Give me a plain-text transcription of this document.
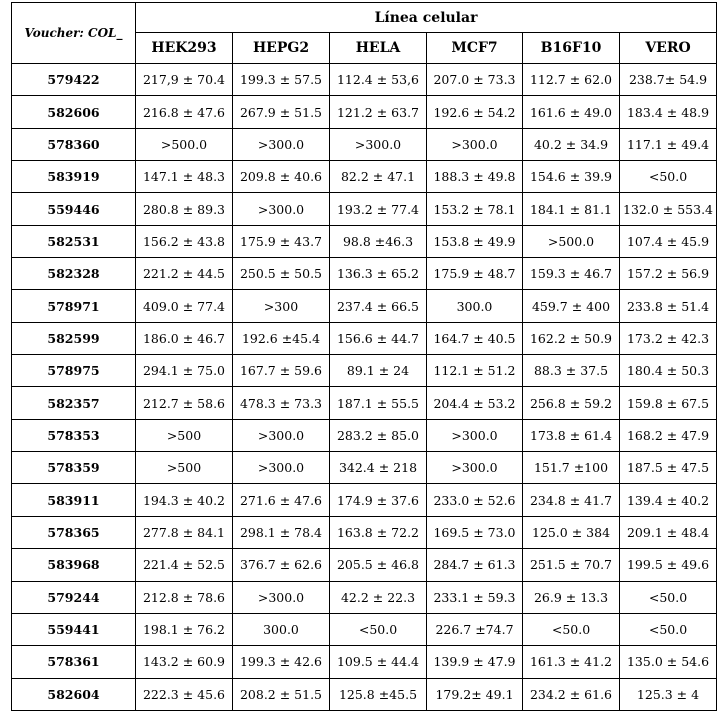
Voucher: COL_	Línea celular					
	HEK293	HEPG2	HELA	MCF7	B16F10	VERO
579422	217,9 ± 70.4	199.3 ± 57.5	112.4 ± 53,6	207.0 ± 73.3	112.7 ± 62.0	238.7± 54.9
582606	216.8 ± 47.6	267.9 ± 51.5	121.2 ± 63.7	192.6 ± 54.2	161.6 ± 49.0	183.4 ± 48.9
578360	>500.0	>300.0	>300.0	>300.0	40.2 ± 34.9	117.1 ± 49.4
583919	147.1 ± 48.3	209.8 ± 40.6	82.2 ± 47.1	188.3 ± 49.8	154.6 ± 39.9	<50.0
559446	280.8 ± 89.3	>300.0	193.2 ± 77.4	153.2 ± 78.1	184.1 ± 81.1	132.0 ± 553.4
582531	156.2 ± 43.8	175.9 ± 43.7	98.8 ±46.3	153.8 ± 49.9	>500.0	107.4 ± 45.9
582328	221.2 ± 44.5	250.5 ± 50.5	136.3 ± 65.2	175.9 ± 48.7	159.3 ± 46.7	157.2 ± 56.9
578971	409.0 ± 77.4	>300	237.4 ± 66.5	300.0	459.7 ± 400	233.8 ± 51.4
582599	186.0 ± 46.7	192.6 ±45.4	156.6 ± 44.7	164.7 ± 40.5	162.2 ± 50.9	173.2 ± 42.3
578975	294.1 ± 75.0	167.7 ± 59.6	89.1 ± 24	112.1 ± 51.2	88.3 ± 37.5	180.4 ± 50.3
582357	212.7 ± 58.6	478.3 ± 73.3	187.1 ± 55.5	204.4 ± 53.2	256.8 ± 59.2	159.8 ± 67.5
578353	>500	>300.0	283.2 ± 85.0	>300.0	173.8 ± 61.4	168.2 ± 47.9
578359	>500	>300.0	342.4 ± 218	>300.0	151.7 ±100	187.5 ± 47.5
583911	194.3 ± 40.2	271.6 ± 47.6	174.9 ± 37.6	233.0 ± 52.6	234.8 ± 41.7	139.4 ± 40.2
578365	277.8 ± 84.1	298.1 ± 78.4	163.8 ± 72.2	169.5 ± 73.0	125.0 ± 384	209.1 ± 48.4
583968	221.4 ± 52.5	376.7 ± 62.6	205.5 ± 46.8	284.7 ± 61.3	251.5 ± 70.7	199.5 ± 49.6
579244	212.8 ± 78.6	>300.0	42.2 ± 22.3	233.1 ± 59.3	26.9 ± 13.3	<50.0
559441	198.1 ± 76.2	300.0	<50.0	226.7 ±74.7	<50.0	<50.0
578361	143.2 ± 60.9	199.3 ± 42.6	109.5 ± 44.4	139.9 ± 47.9	161.3 ± 41.2	135.0 ± 54.6
582604	222.3 ± 45.6	208.2 ± 51.5	125.8 ±45.5	179.2± 49.1	234.2 ± 61.6	125.3 ± 4
